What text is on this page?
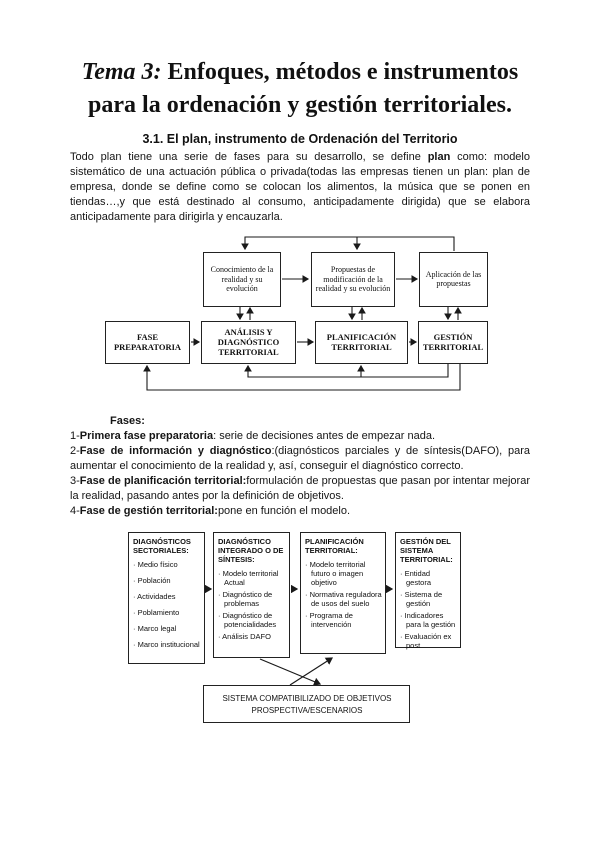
Tema 3: Enfoques, métodos e instrumentos para la ordenación y gestión territoriales.
3.1. El plan, instrumento de Ordenación del Territorio

Todo plan tiene una serie de fases para su desarrollo, se define plan como: modelo sistemático de una actuación pública o privada(todas las empresas tienen un plan: plan de empresa, donde se define como se colocan los alimentos, la música que se ponen en tiendas…,y que está destinado al consumo, anticipadamente dirigida) que se elabora anticipadamente para dirigirla y encauzarla.

Conocimiento de la realidad y su evolución
Propuestas de modificación de la realidad y su evolución
Aplicación de las propuestas
FASE PREPARATORIA
ANÁLISIS Y DIAGNÓSTICO TERRITORIAL
PLANIFICACIÓN TERRITORIAL
GESTIÓN TERRITORIAL

Fases:

1-Primera fase preparatoria: serie de decisiones antes de empezar nada.

2-Fase de información y diagnóstico:(diagnósticos parciales y de síntesis(DAFO), para aumentar el conocimiento de la realidad y, así, conseguir el diagnóstico correcto.

3-Fase de planificación territorial:formulación de propuestas que pasan por intentar mejorar la realidad, pasando antes por la definición de objetivos.

4-Fase de gestión territorial:pone en función el modelo.

DIAGNÓSTICOS SECTORIALES:
· Medio físico
· Población
· Actividades
· Poblamiento
· Marco legal
· Marco institucional
DIAGNÓSTICO INTEGRADO O DE SÍNTESIS:
· Modelo territorial Actual
· Diagnóstico de problemas
· Diagnóstico de potencialidades
· Análisis DAFO
PLANIFICACIÓN TERRITORIAL:
· Modelo territorial futuro o imagen objetivo
· Normativa reguladora de usos del suelo
· Programa de intervención
GESTIÓN DEL SISTEMA TERRITORIAL:
· Entidad gestora
· Sistema de gestión
· Indicadores para la gestión
· Evaluación ex post
SISTEMA COMPATIBILIZADO DE OBJETIVOS
PROSPECTIVA/ESCENARIOS
